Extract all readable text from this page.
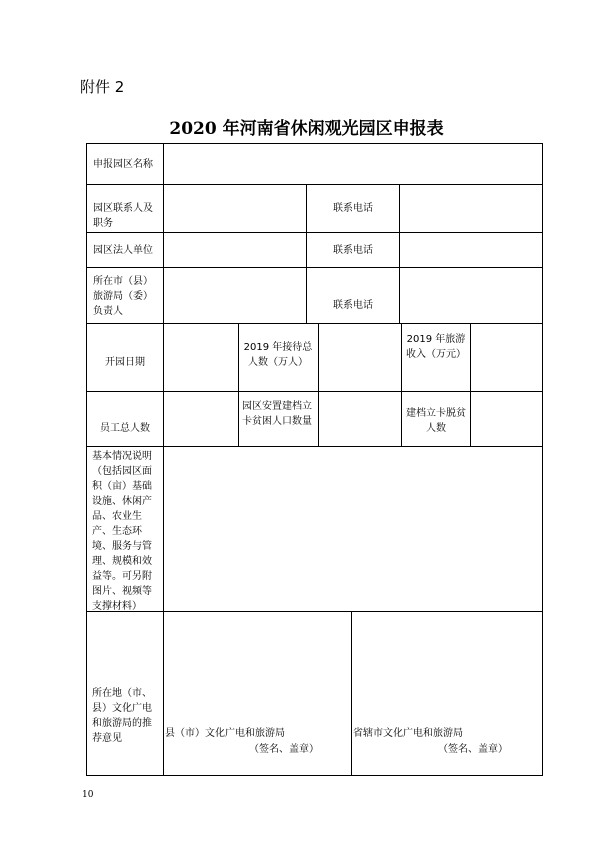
附件 2
2020 年河南省休闲观光园区申报表
申报园区名称
园区联系人及职务
联系电话
园区法人单位	联系电话
所在市（县）旅游局（委）负责人
联系电话
开园日期
2019 年接待总人数（万人）
2019 年旅游收入（万元）
员工总人数
园区安置建档立卡贫困人口数量
建档立卡脱贫人数
基本情况说明（包括园区面积（亩）基础设施、休闲产品、农业生产、生态环境、服务与管理、规模和效益等。可另附图片、视频等支撑材料）
所在地（市、县）文化广电和旅游局的推荐意见	县（市）文化广电和旅游局
（签名、盖章）
省辖市文化广电和旅游局
（签名、盖章）
10
